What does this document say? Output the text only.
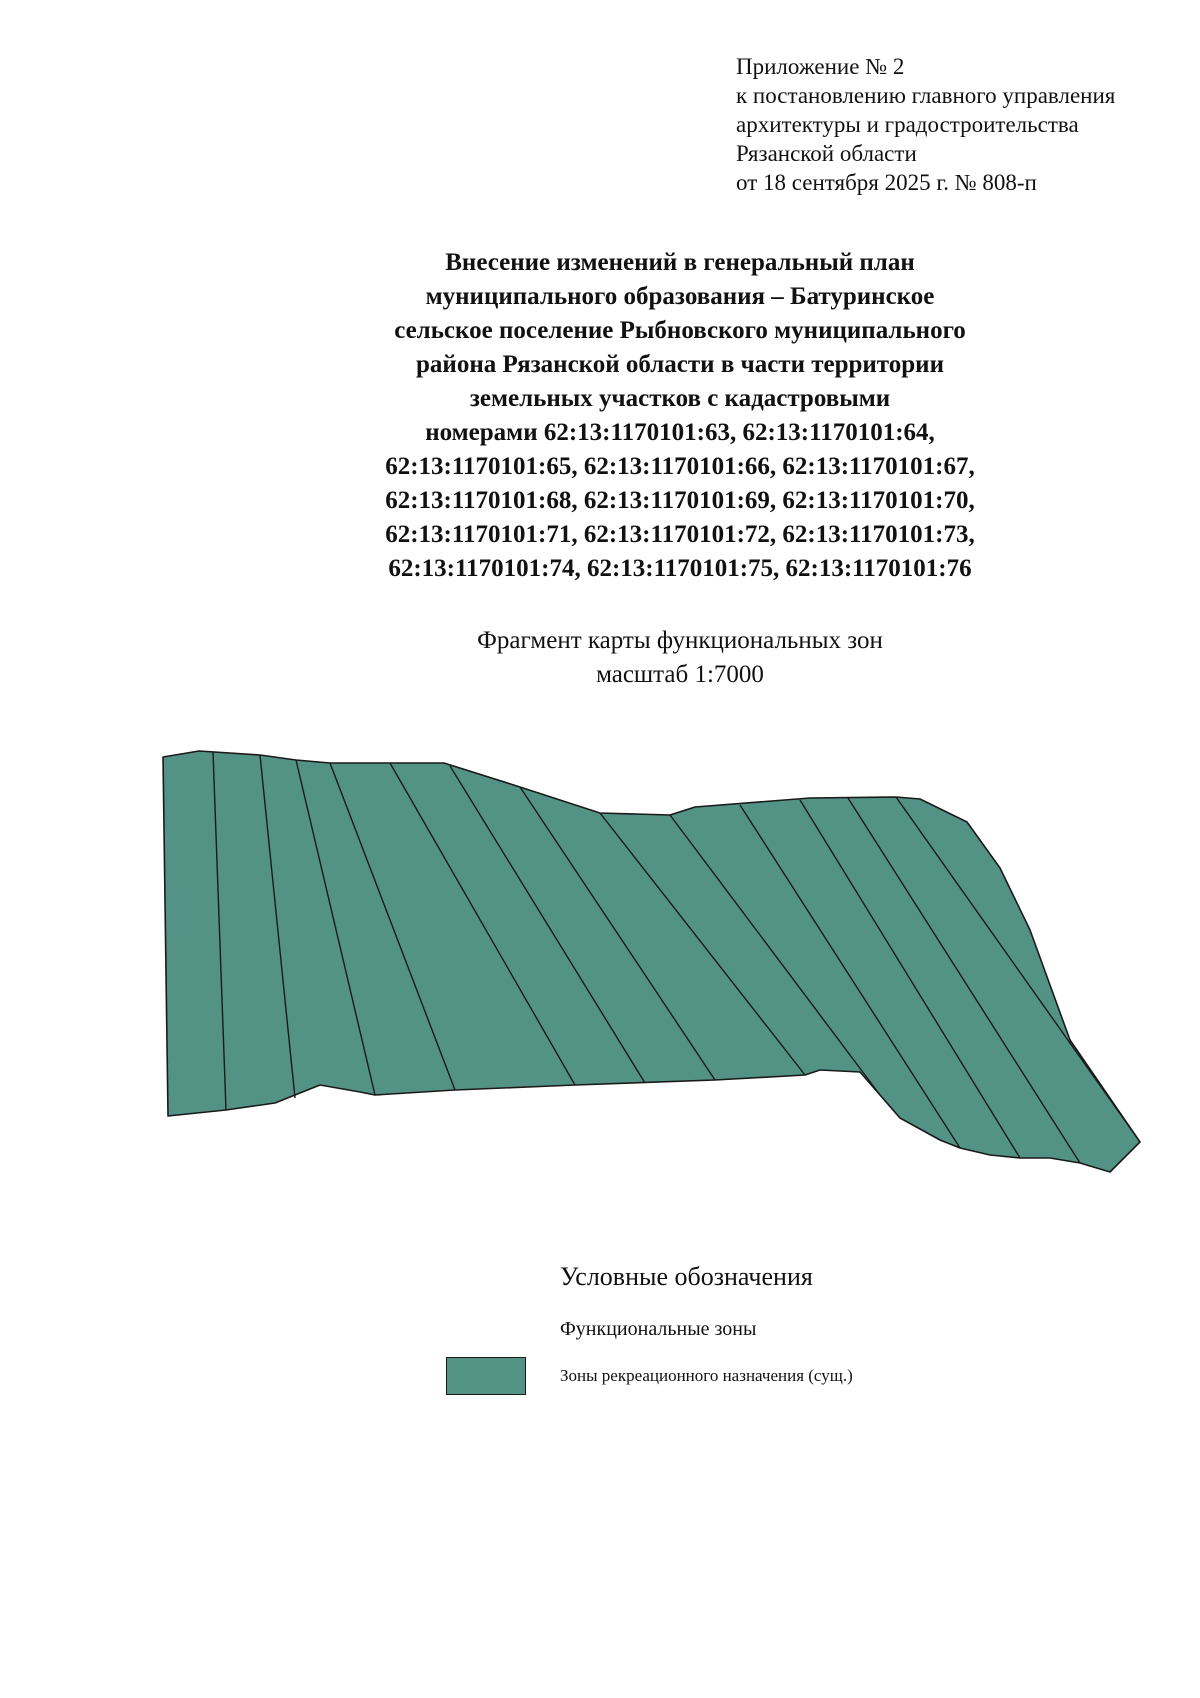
Приложение № 2
к постановлению главного управления
архитектуры и градостроительства
Рязанской области
от 18 сентября 2025 г. № 808-п
Внесение изменений в генеральный план
муниципального образования – Батуринское
сельское поселение Рыбновского муниципального
района Рязанской области в части территории
земельных участков с кадастровыми
номерами 62:13:1170101:63, 62:13:1170101:64,
62:13:1170101:65, 62:13:1170101:66, 62:13:1170101:67,
62:13:1170101:68, 62:13:1170101:69, 62:13:1170101:70,
62:13:1170101:71, 62:13:1170101:72, 62:13:1170101:73,
62:13:1170101:74, 62:13:1170101:75, 62:13:1170101:76
Фрагмент карты функциональных зон
масштаб 1:7000
Условные обозначения
Функциональные зоны
Зоны рекреационного назначения (сущ.)
